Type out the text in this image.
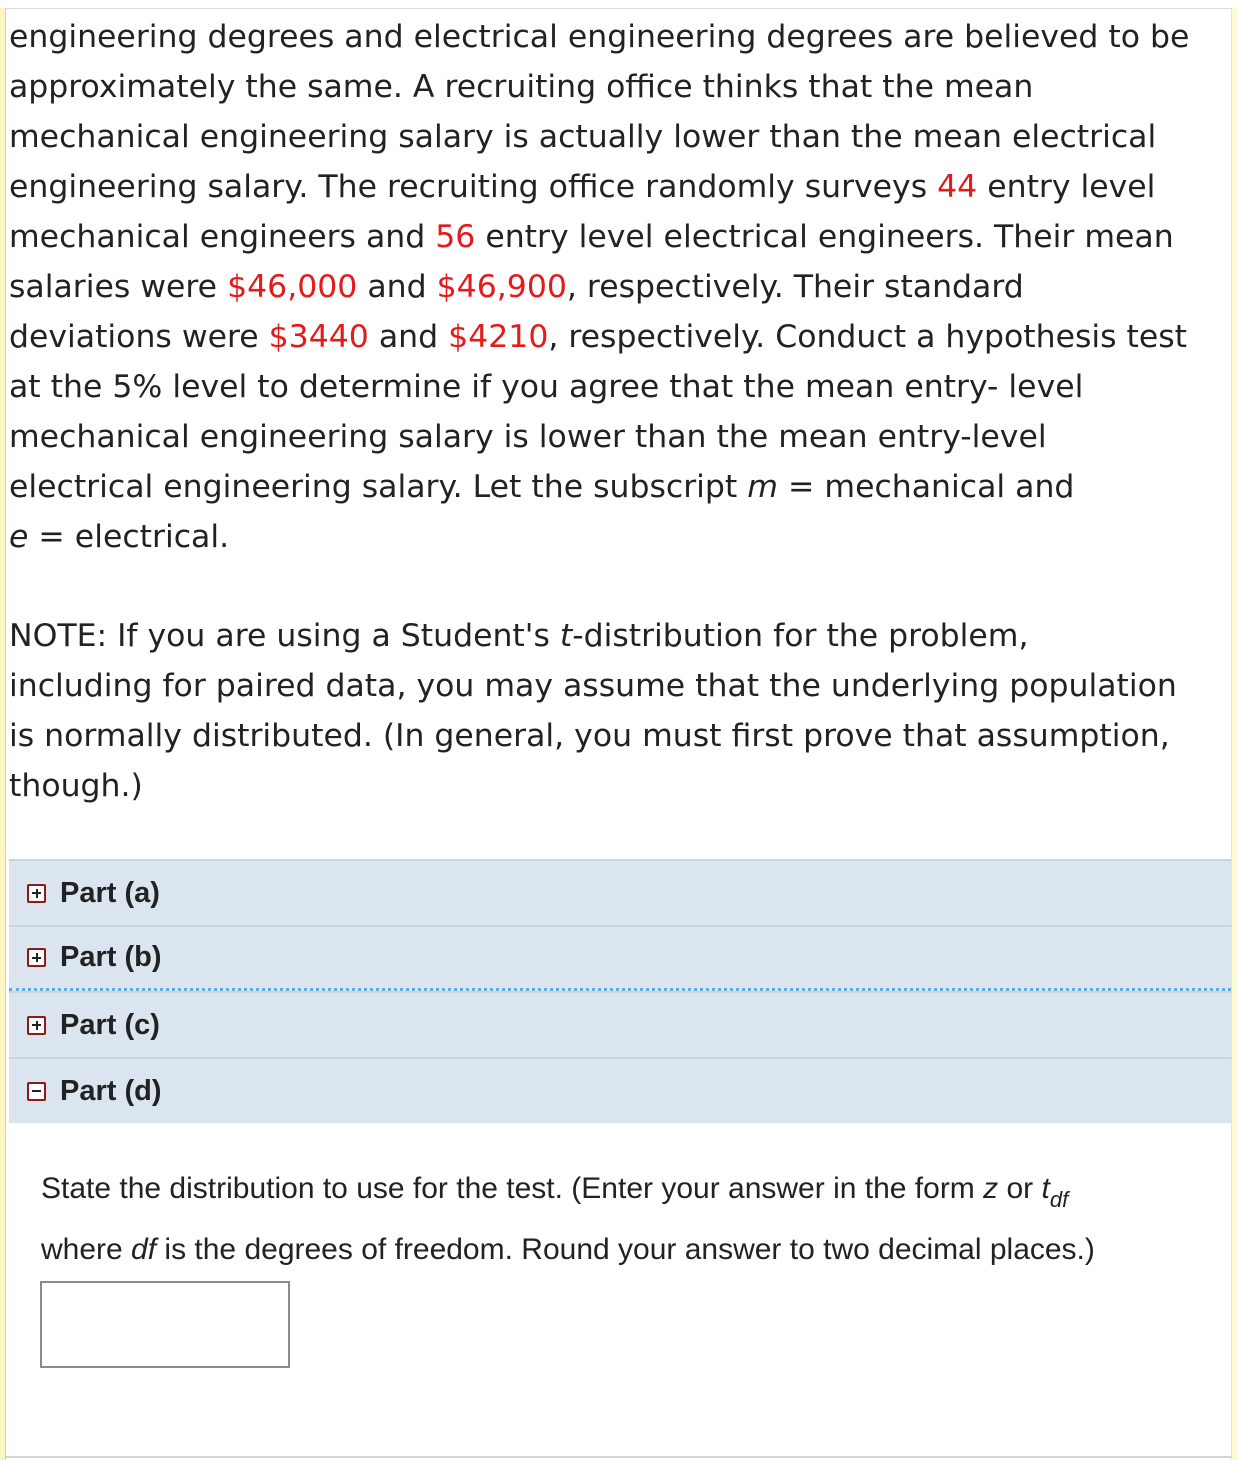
engineering degrees and electrical engineering degrees are believed to be
approximately the same. A recruiting office thinks that the mean
mechanical engineering salary is actually lower than the mean electrical
engineering salary. The recruiting office randomly surveys 44 entry level
mechanical engineers and 56 entry level electrical engineers. Their mean
salaries were $46,000 and $46,900, respectively. Their standard
deviations were $3440 and $4210, respectively. Conduct a hypothesis test
at the 5% level to determine if you agree that the mean entry- level
mechanical engineering salary is lower than the mean entry-level
electrical engineering salary. Let the subscript m = mechanical and
e = electrical.
NOTE: If you are using a Student's t-distribution for the problem,
including for paired data, you may assume that the underlying population
is normally distributed. (In general, you must first prove that assumption,
though.)
Part (a)
Part (b)
Part (c)
Part (d)
State the distribution to use for the test. (Enter your answer in the form z or $t_{df}$
where df is the degrees of freedom. Round your answer to two decimal places.)
